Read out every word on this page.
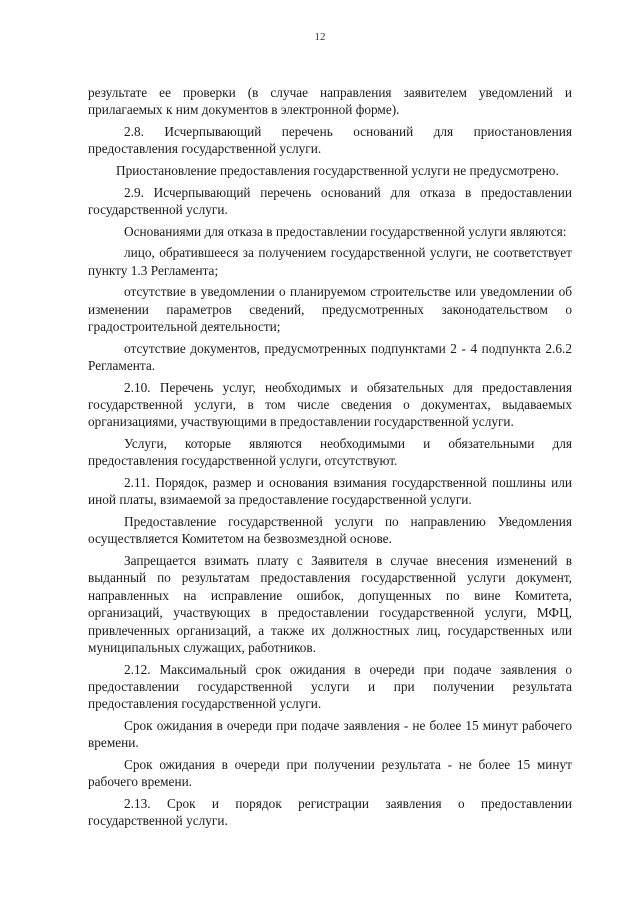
12

результате ее проверки (в случае направления заявителем уведомлений и прилагаемых к ним документов в электронной форме).

2.8. Исчерпывающий перечень оснований для приостановления предоставления государственной услуги.

Приостановление предоставления государственной услуги не предусмотрено.

2.9. Исчерпывающий перечень оснований для отказа в предоставлении государственной услуги.

Основаниями для отказа в предоставлении государственной услуги являются:

лицо, обратившееся за получением государственной услуги, не соответствует пункту 1.3 Регламента;

отсутствие в уведомлении о планируемом строительстве или уведомлении об изменении параметров сведений, предусмотренных законодательством о градостроительной деятельности;

отсутствие документов, предусмотренных подпунктами 2 - 4 подпункта 2.6.2 Регламента.

2.10. Перечень услуг, необходимых и обязательных для предоставления государственной услуги, в том числе сведения о документах, выдаваемых организациями, участвующими в предоставлении государственной услуги.

Услуги, которые являются необходимыми и обязательными для предоставления государственной услуги, отсутствуют.

2.11. Порядок, размер и основания взимания государственной пошлины или иной платы, взимаемой за предоставление государственной услуги.

Предоставление государственной услуги по направлению Уведомления осуществляется Комитетом на безвозмездной основе.

Запрещается взимать плату с Заявителя в случае внесения изменений в выданный по результатам предоставления государственной услуги документ, направленных на исправление ошибок, допущенных по вине Комитета, организаций, участвующих в предоставлении государственной услуги, МФЦ, привлеченных организаций, а также их должностных лиц, государственных или муниципальных служащих, работников.

2.12. Максимальный срок ожидания в очереди при подаче заявления о предоставлении государственной услуги и при получении результата предоставления государственной услуги.

Срок ожидания в очереди при подаче заявления - не более 15 минут рабочего времени.

Срок ожидания в очереди при получении результата - не более 15 минут рабочего времени.

2.13. Срок и порядок регистрации заявления о предоставлении государственной услуги.
